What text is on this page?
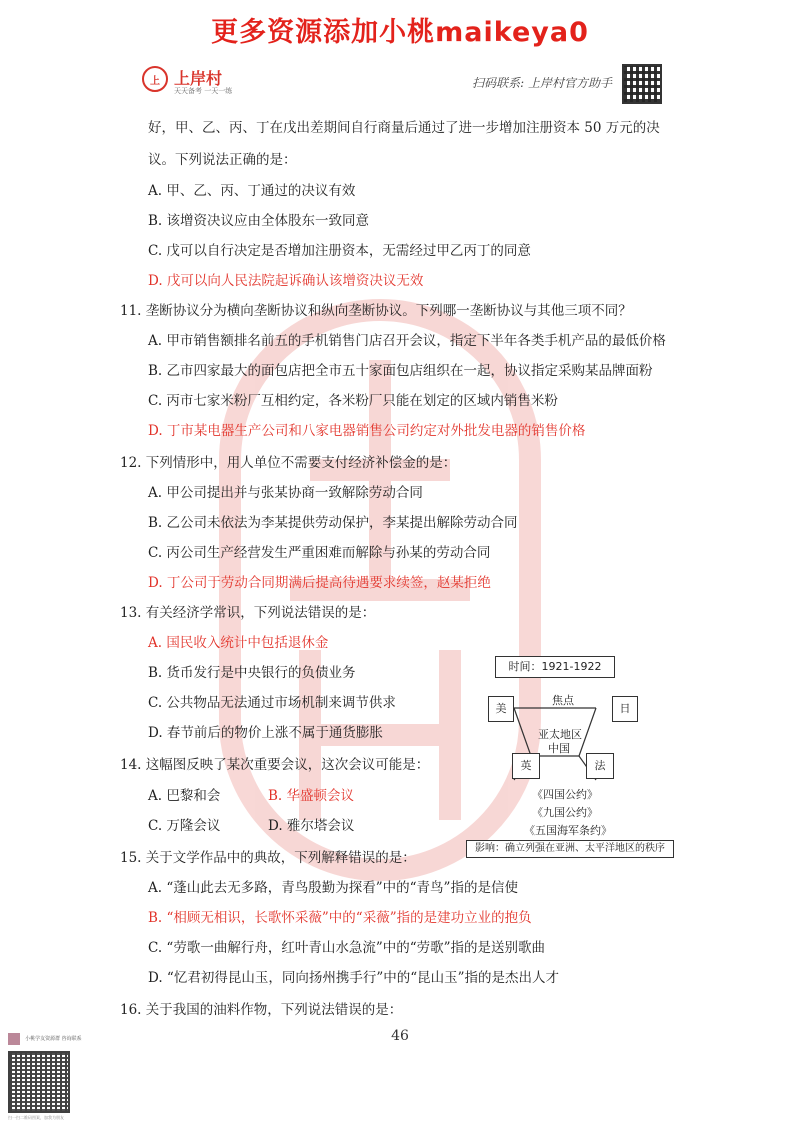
更多资源添加小桃maikeya0
上 上岸村
天天备考 一天一练
扫码联系: 上岸村官方助手
好，甲、乙、丙、丁在戊出差期间自行商量后通过了进一步增加注册资本 50 万元的决
议。下列说法正确的是：
A. 甲、乙、丙、丁通过的决议有效
B. 该增资决议应由全体股东一致同意
C. 戊可以自行决定是否增加注册资本，无需经过甲乙丙丁的同意
D. 戊可以向人民法院起诉确认该增资决议无效
11. 垄断协议分为横向垄断协议和纵向垄断协议。下列哪一垄断协议与其他三项不同？
A. 甲市销售额排名前五的手机销售门店召开会议，指定下半年各类手机产品的最低价格
B. 乙市四家最大的面包店把全市五十家面包店组织在一起，协议指定采购某品牌面粉
C. 丙市七家米粉厂互相约定，各米粉厂只能在划定的区域内销售米粉
D. 丁市某电器生产公司和八家电器销售公司约定对外批发电器的销售价格
12. 下列情形中，用人单位不需要支付经济补偿金的是：
A. 甲公司提出并与张某协商一致解除劳动合同
B. 乙公司未依法为李某提供劳动保护，李某提出解除劳动合同
C. 丙公司生产经营发生严重困难而解除与孙某的劳动合同
D. 丁公司于劳动合同期满后提高待遇要求续签，赵某拒绝
13. 有关经济学常识，下列说法错误的是：
A. 国民收入统计中包括退休金
B. 货币发行是中央银行的负债业务
C. 公共物品无法通过市场机制来调节供求
D. 春节前后的物价上涨不属于通货膨胀
14. 这幅图反映了某次重要会议，这次会议可能是：
A. 巴黎和会	B. 华盛顿会议
C. 万隆会议	D. 雅尔塔会议
时间：1921-1922
焦点
美	日
亚太地区
中国
英	法
《四国公约》
《九国公约》
《五国海军条约》
影响：确立列强在亚洲、太平洋地区的秩序
15. 关于文学作品中的典故，下列解释错误的是：
A. “蓬山此去无多路，青鸟殷勤为探看”中的“青鸟”指的是信使
B. “相顾无相识，长歌怀采薇”中的“采薇”指的是建功立业的抱负
C. “劳歌一曲解行舟，红叶青山水急流”中的“劳歌”指的是送别歌曲
D. “忆君初得昆山玉，同向扬州携手行”中的“昆山玉”指的是杰出人才
16. 关于我国的油料作物，下列说法错误的是：
46
小桃学友资源群 咨询联系
扫一扫二维码图案，加我为朋友
